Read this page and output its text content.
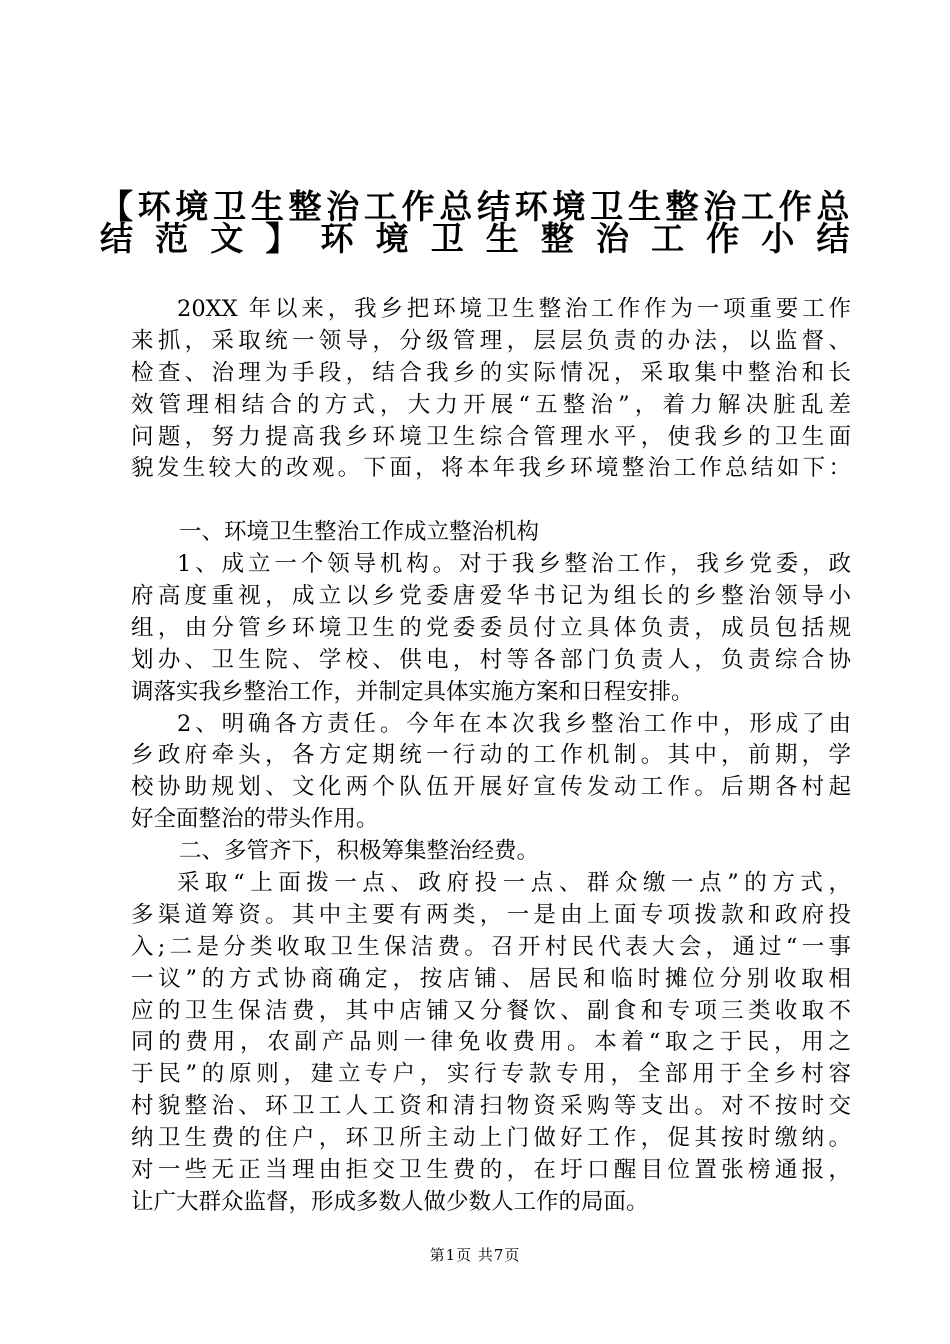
【环境卫生整治工作总结环境卫生整治工作总
结范文】环境卫生整治工作小结
20XX 年以来，我乡把环境卫生整治工作作为一项重要工作
来抓，采取统一领导，分级管理，层层负责的办法，以监督、
检查、治理为手段，结合我乡的实际情况，采取集中整治和长
效管理相结合的方式，大力开展“五整治”，着力解决脏乱差
问题，努力提高我乡环境卫生综合管理水平，使我乡的卫生面
貌发生较大的改观。下面，将本年我乡环境整治工作总结如下：
一、环境卫生整治工作成立整治机构
1、成立一个领导机构。对于我乡整治工作，我乡党委，政
府高度重视，成立以乡党委唐爱华书记为组长的乡整治领导小
组，由分管乡环境卫生的党委委员付立具体负责，成员包括规
划办、卫生院、学校、供电，村等各部门负责人，负责综合协
调落实我乡整治工作，并制定具体实施方案和日程安排。
2、明确各方责任。今年在本次我乡整治工作中，形成了由
乡政府牵头，各方定期统一行动的工作机制。其中，前期，学
校协助规划、文化两个队伍开展好宣传发动工作。后期各村起
好全面整治的带头作用。
二、多管齐下，积极筹集整治经费。
采取“上面拨一点、政府投一点、群众缴一点”的方式，
多渠道筹资。其中主要有两类，一是由上面专项拨款和政府投
入;二是分类收取卫生保洁费。召开村民代表大会，通过“一事
一议”的方式协商确定，按店铺、居民和临时摊位分别收取相
应的卫生保洁费，其中店铺又分餐饮、副食和专项三类收取不
同的费用，农副产品则一律免收费用。本着“取之于民，用之
于民”的原则，建立专户，实行专款专用，全部用于全乡村容
村貌整治、环卫工人工资和清扫物资采购等支出。对不按时交
纳卫生费的住户，环卫所主动上门做好工作，促其按时缴纳。
对一些无正当理由拒交卫生费的，在圩口醒目位置张榜通报，
让广大群众监督，形成多数人做少数人工作的局面。
第1页 共7页
